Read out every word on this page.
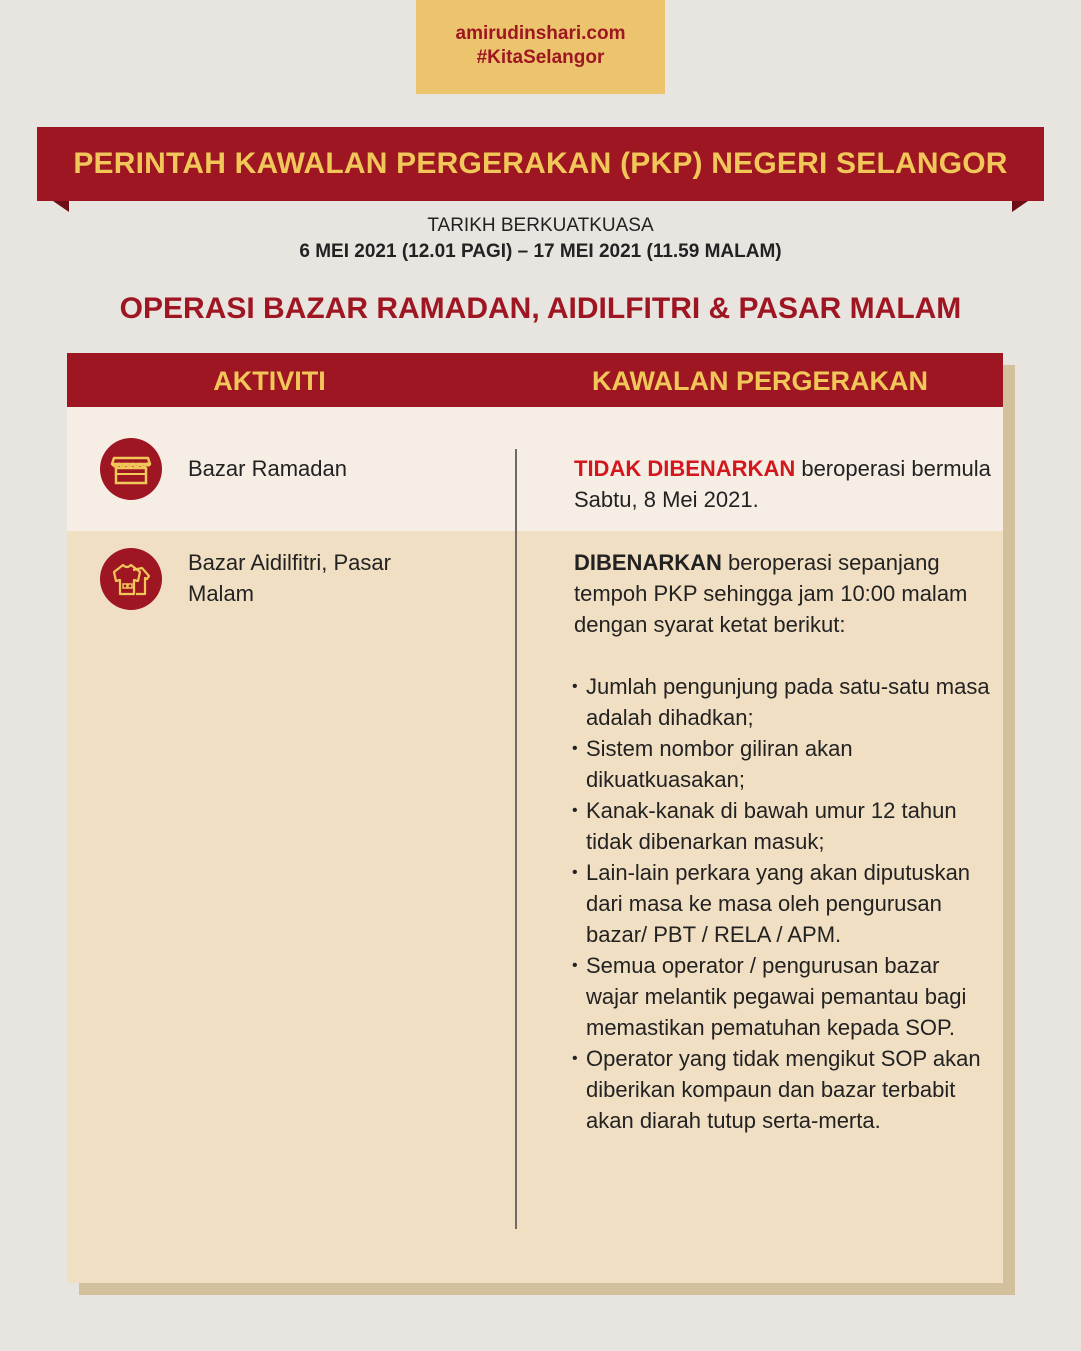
amirudinshari.com
#KitaSelangor
PERINTAH KAWALAN PERGERAKAN (PKP) NEGERI SELANGOR
TARIKH BERKUATKUASA
6 MEI 2021 (12.01 PAGI) – 17 MEI 2021 (11.59 MALAM)
OPERASI BAZAR RAMADAN, AIDILFITRI & PASAR MALAM
AKTIVITI	KAWALAN PERGERAKAN
Bazar Ramadan	TIDAK DIBENARKAN beroperasi bermula Sabtu, 8 Mei 2021.
Bazar Aidilfitri, Pasar Malam
DIBENARKAN beroperasi sepanjang tempoh PKP sehingga jam 10:00 malam dengan syarat ketat berikut:
• Jumlah pengunjung pada satu-satu masa adalah dihadkan;
• Sistem nombor giliran akan dikuatkuasakan;
• Kanak-kanak di bawah umur 12 tahun tidak dibenarkan masuk;
• Lain-lain perkara yang akan diputuskan dari masa ke masa oleh pengurusan bazar/ PBT / RELA / APM.
• Semua operator / pengurusan bazar wajar melantik pegawai pemantau bagi memastikan pematuhan kepada SOP.
• Operator yang tidak mengikut SOP akan diberikan kompaun dan bazar terbabit akan diarah tutup serta-merta.
